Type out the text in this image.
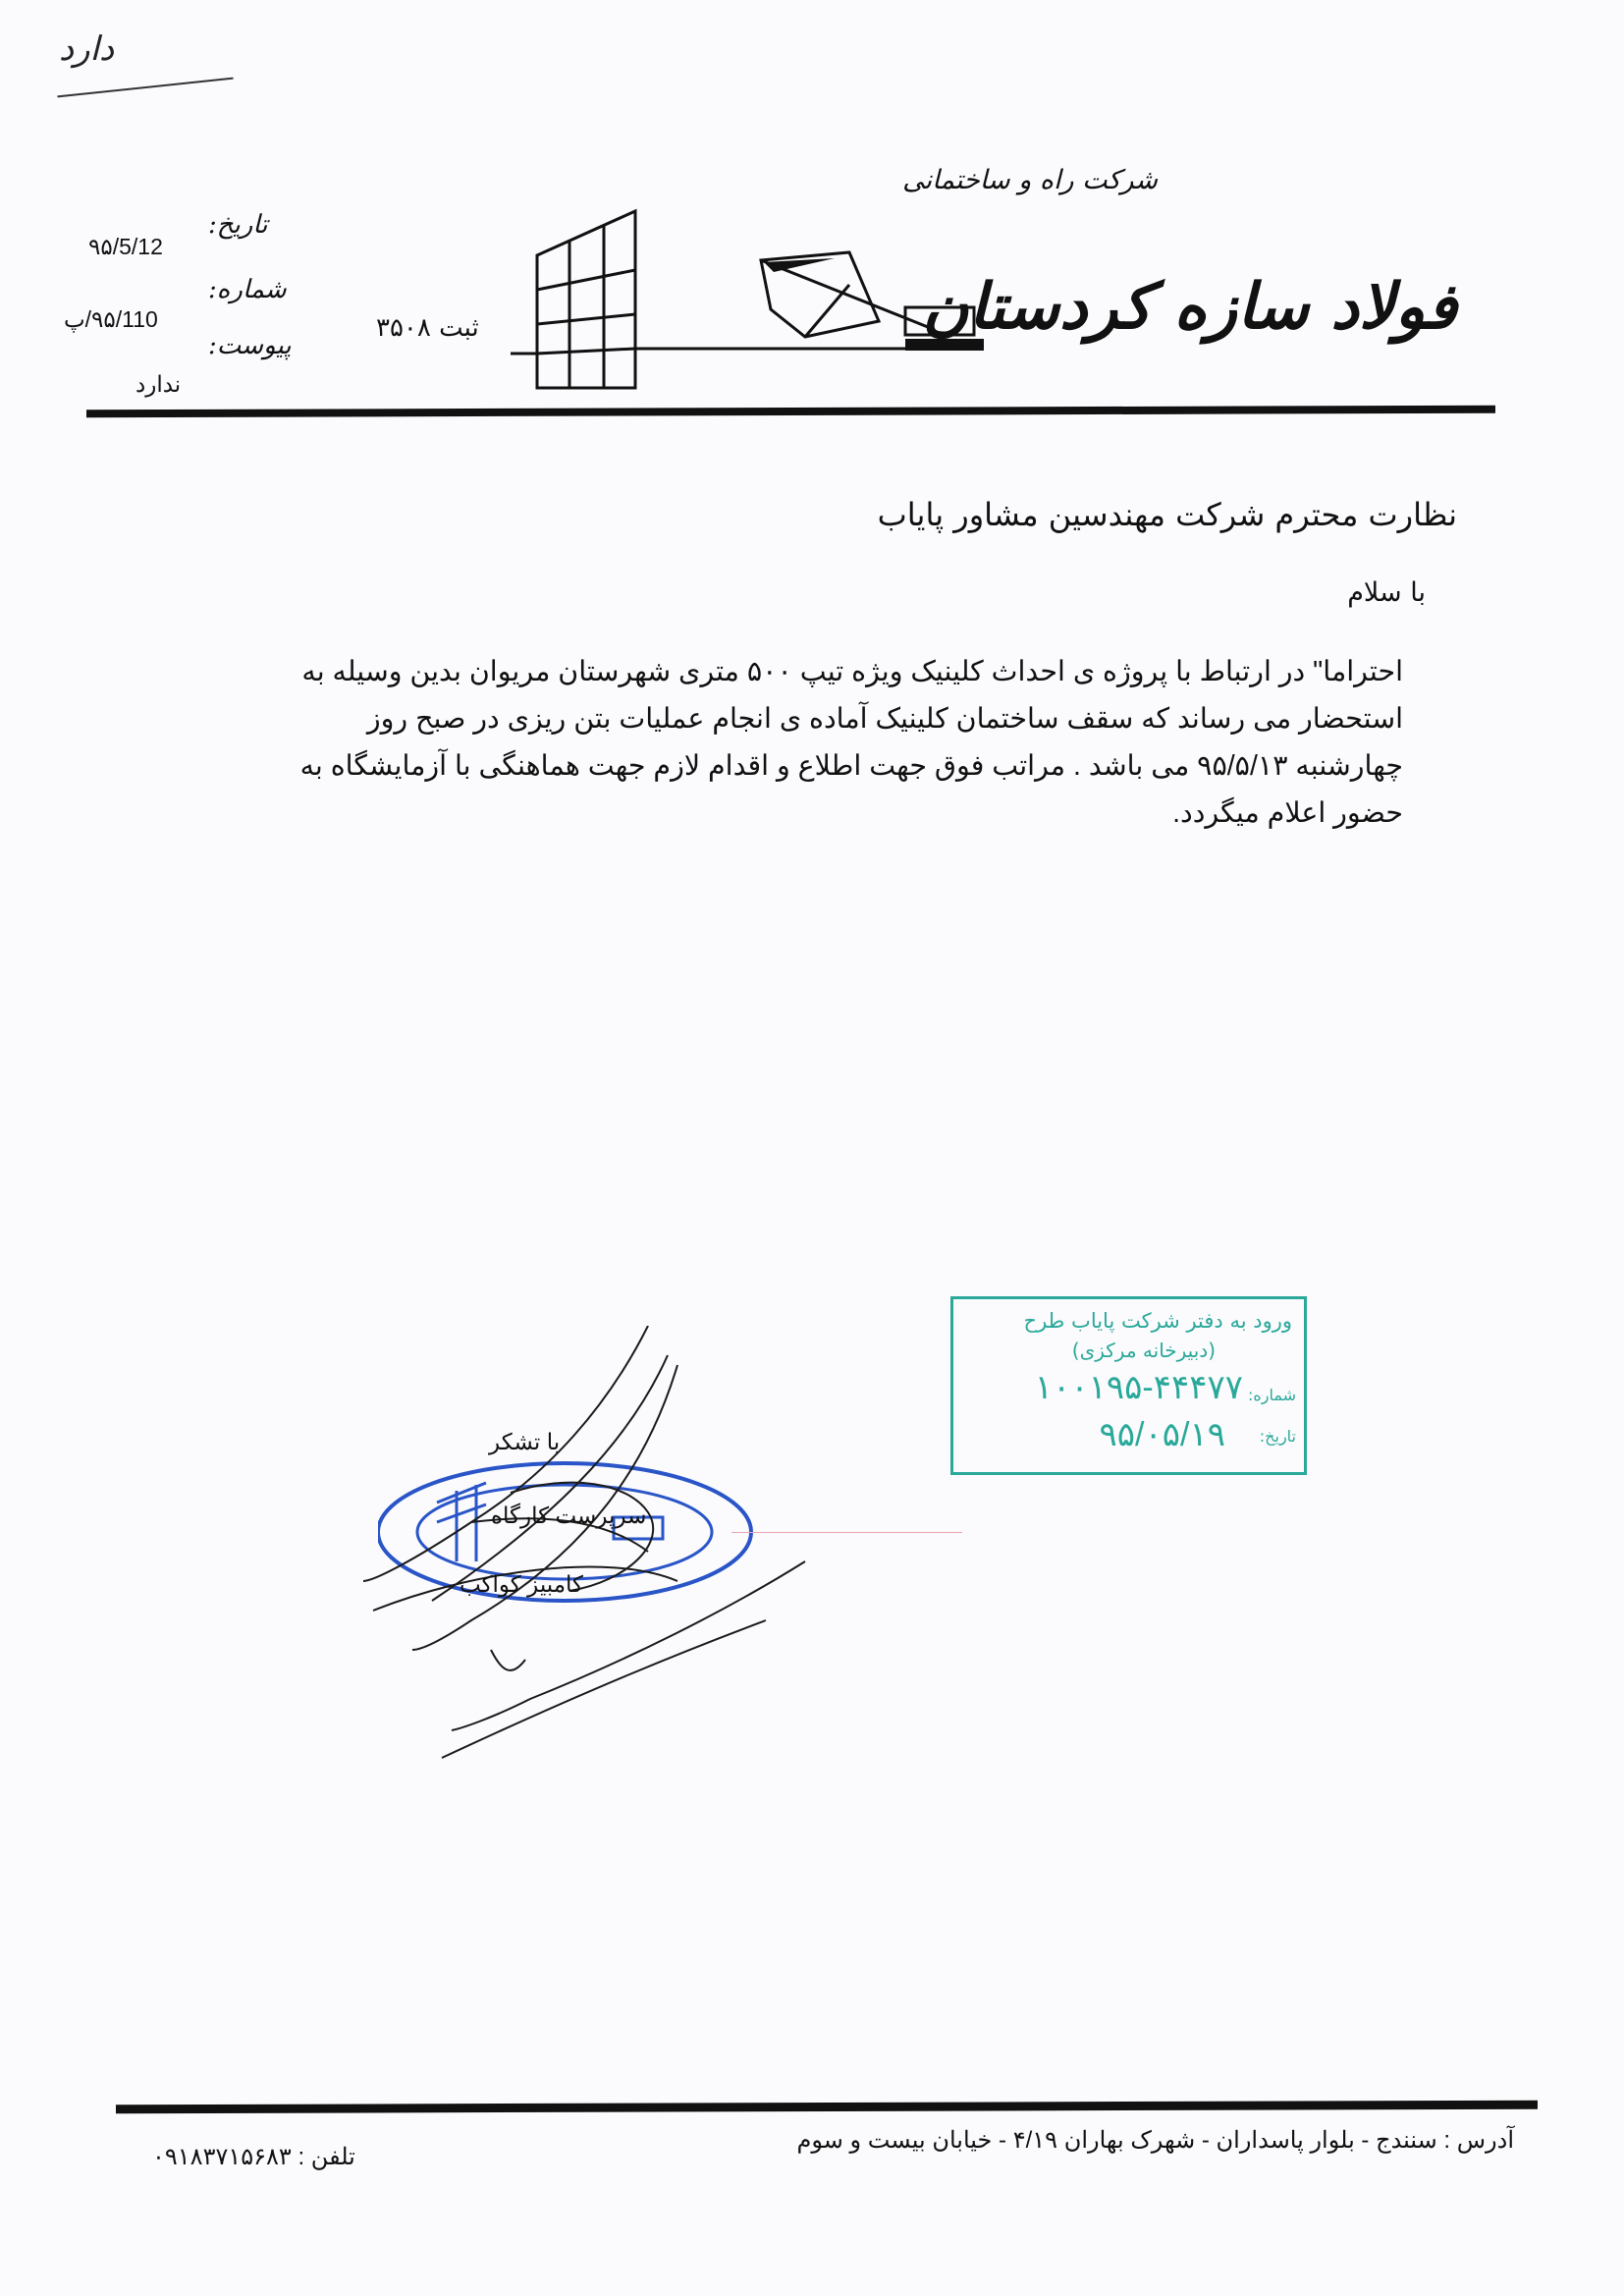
دارد
تاریخ:
۹۵/5/12
شماره:
۹۵/110/پ
پیوست:
ندارد
ثبت ۳۵۰۸
شرکت راه و ساختمانی
فولاد سازه کردستان
نظارت محترم شرکت مهندسین مشاور پایاب
با سلام
احتراما" در ارتباط با پروژه ی احداث کلینیک ویژه تیپ ۵۰۰ متری شهرستان مریوان بدین وسیله به
استحضار می رساند که سقف ساختمان کلینیک آماده ی انجام عملیات بتن ریزی در صبح روز
چهارشنبه ۹۵/۵/۱۳ می باشد . مراتب فوق جهت اطلاع و اقدام لازم جهت هماهنگی با آزمایشگاه به
حضور اعلام میگردد.
ورود به دفتر شرکت پایاب طرح
(دبیرخانه مرکزی)
شماره:
۱۰۰۱۹۵-۴۴۴۷۷
تاریخ:
۹۵/۰۵/۱۹
با تشکر
سرپرست کارگاه
کامبیز کواکب
آدرس : سنندج - بلوار پاسداران - شهرک بهاران ۴/۱۹ - خیابان بیست و سوم
تلفن : ۰۹۱۸۳۷۱۵۶۸۳
